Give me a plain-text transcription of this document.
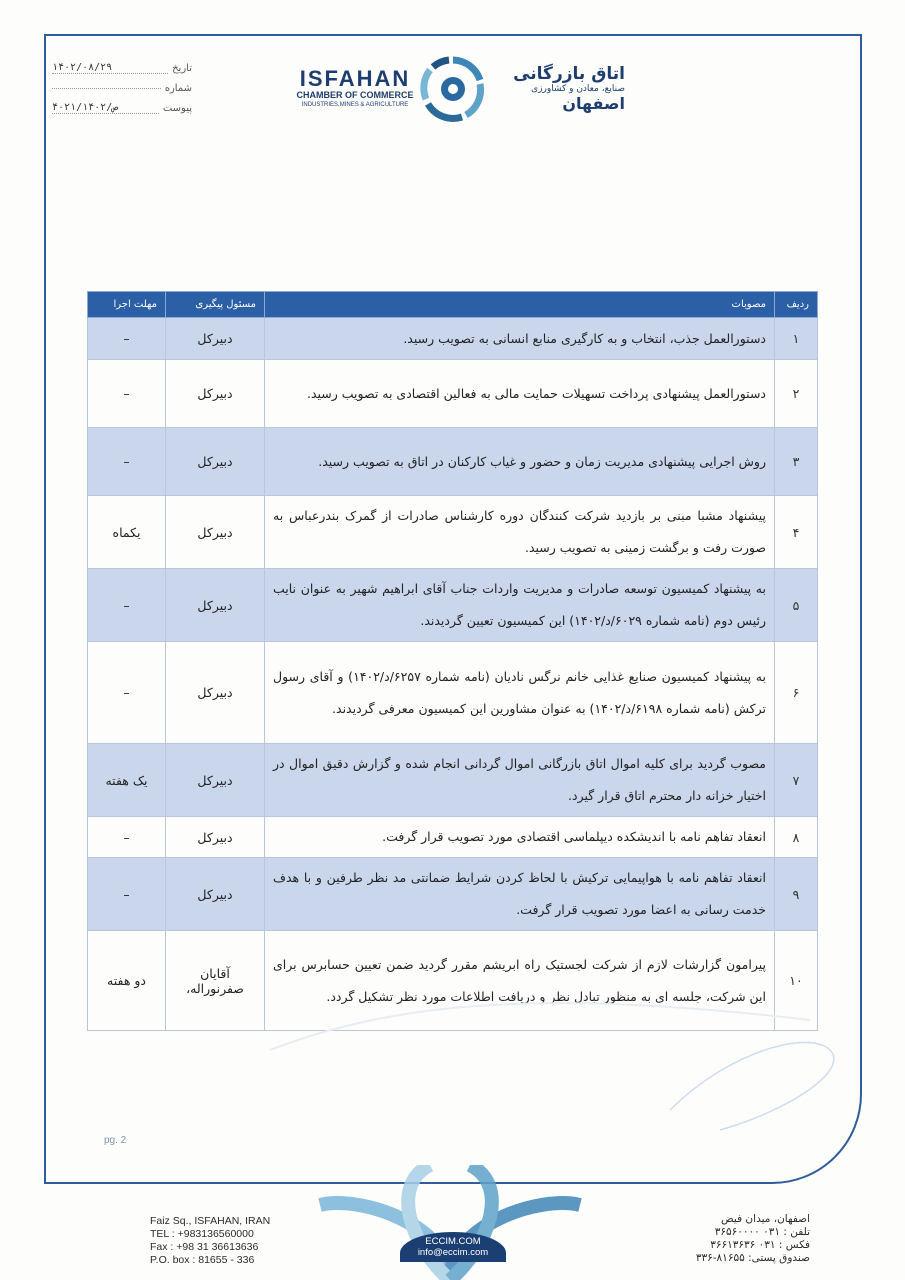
تاریخ
۱۴۰۲/۰۸/۲۹
شماره
پیوست
۴۰۲۱/ص/۱۴۰۲
ISFAHAN
CHAMBER OF COMMERCE
INDUSTRIES,MINES & AGRICULTURE
اتاق بازرگانی
صنایع، معادن و کشاورزی
اصفهان
ردیف	مصوبات	مسئول پیگیری	مهلت اجرا
۱	دستورالعمل جذب، انتخاب و به کارگیری منابع انسانی به تصویب رسید.	دبیرکل	–
۲	دستورالعمل پیشنهادی پرداخت تسهیلات حمایت مالی به فعالین اقتصادی به تصویب رسید.	دبیرکل	–
۳	روش اجرایی پیشنهادی مدیریت زمان و حضور و غیاب کارکنان در اتاق به تصویب رسید.	دبیرکل	–
۴	پیشنهاد مشبا مبنی بر بازدید شرکت کنندگان دوره کارشناس صادرات از گمرک بندرعباس به صورت رفت و برگشت زمینی به تصویب رسید.	دبیرکل	یکماه
۵	به پیشنهاد کمیسیون توسعه صادرات و مدیریت واردات جناب آقای ابراهیم شهیر به عنوان نایب رئیس دوم (نامه شماره ۶۰۲۹/د/۱۴۰۲) این کمیسیون تعیین گردیدند.	دبیرکل	–
۶	به پیشنهاد کمیسیون صنایع غذایی خانم نرگس نادیان (نامه شماره ۶۲۵۷/د/۱۴۰۲) و آقای رسول ترکش (نامه شماره ۶۱۹۸/د/۱۴۰۲) به عنوان مشاورین این کمیسیون معرفی گردیدند.	دبیرکل	–
۷	مصوب گردید برای کلیه اموال اتاق بازرگانی اموال گردانی انجام شده و گزارش دقیق اموال در اختیار خزانه دار محترم اتاق قرار گیرد.	دبیرکل	یک هفته
۸	انعقاد تفاهم نامه با اندیشکده دیپلماسی اقتصادی مورد تصویب قرار گرفت.	دبیرکل	–
۹	انعقاد تفاهم نامه با هواپیمایی ترکیش با لحاظ کردن شرایط ضمانتی مد نظر طرفین و با هدف خدمت رسانی به اعضا مورد تصویب قرار گرفت.	دبیرکل	–
۱۰	پیرامون گزارشات لازم از شرکت لجستیک راه ابریشم مقرر گردید ضمن تعیین حسابرس برای این شرکت، جلسه ای به منظور تبادل نظر و دریافت اطلاعات مورد نظر تشکیل گردد.	آقایان صفرنوراله،	دو هفته
pg. 2
ECCIM.COM
info@eccim.com
Faiz Sq., ISFAHAN, IRAN
TEL : +983136560000
Fax : +98 31 36613636
P.O. box : 81655 - 336
اصفهان، میدان فیض
تلفن : ۰۳۱ ۳۶۵۶۰۰۰۰
فکس : ۰۳۱ ۳۶۶۱۳۶۳۶
صندوق پستی: ۸۱۶۵۵-۳۳۶
